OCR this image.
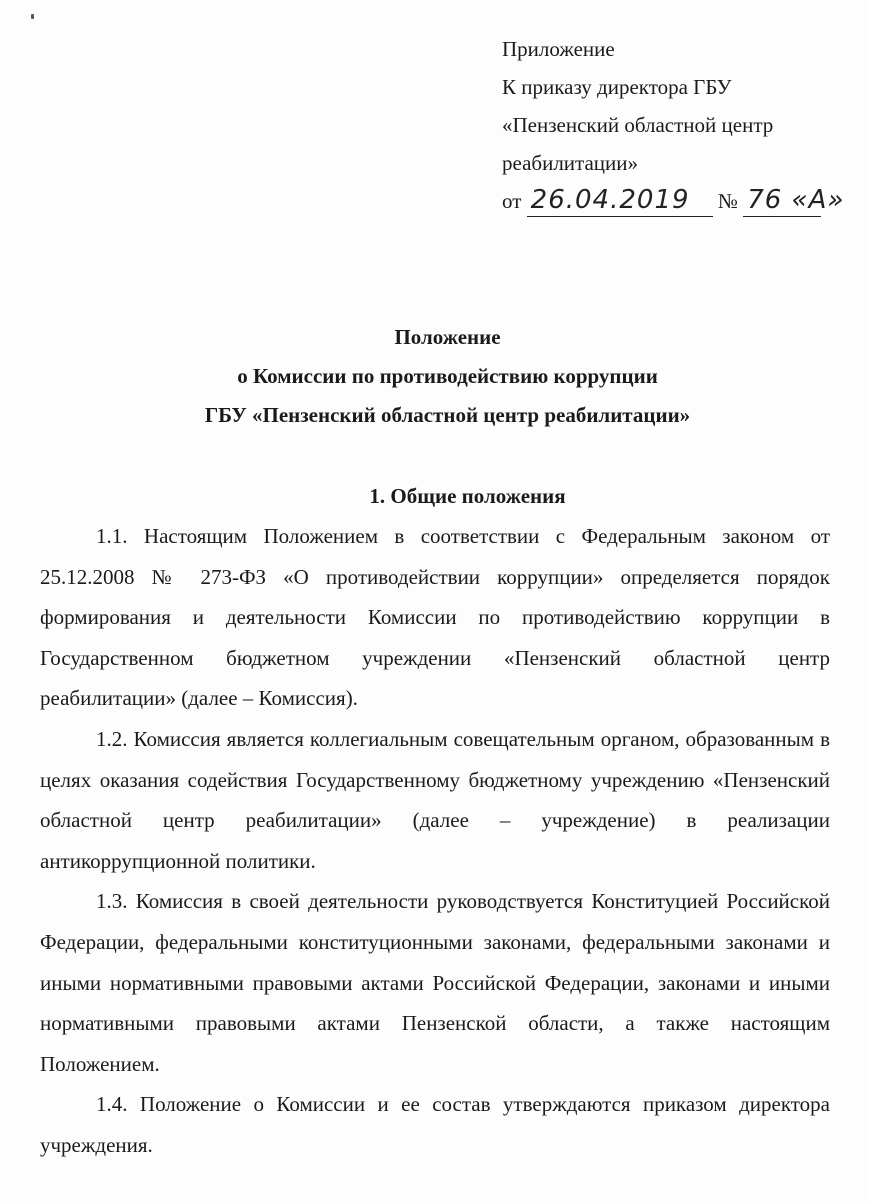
Приложение
К приказу директора ГБУ
«Пензенский областной центр
реабилитации»
от 26.04.2019 № 76 «А»
Положение
о Комиссии по противодействию коррупции
ГБУ «Пензенский областной центр реабилитации»
1. Общие положения

1.1. Настоящим Положением в соответствии с Федеральным законом от 25.12.2008 № 273-ФЗ «О противодействии коррупции» определяется порядок формирования и деятельности Комиссии по противодействию коррупции в Государственном бюджетном учреждении «Пензенский областной центр реабилитации» (далее – Комиссия).

1.2. Комиссия является коллегиальным совещательным органом, образованным в целях оказания содействия Государственному бюджетному учреждению «Пензенский областной центр реабилитации» (далее – учреждение) в реализации антикоррупционной политики.

1.3. Комиссия в своей деятельности руководствуется Конституцией Российской Федерации, федеральными конституционными законами, федеральными законами и иными нормативными правовыми актами Российской Федерации, законами и иными нормативными правовыми актами Пензенской области, а также настоящим Положением.

1.4. Положение о Комиссии и ее состав утверждаются приказом директора учреждения.
